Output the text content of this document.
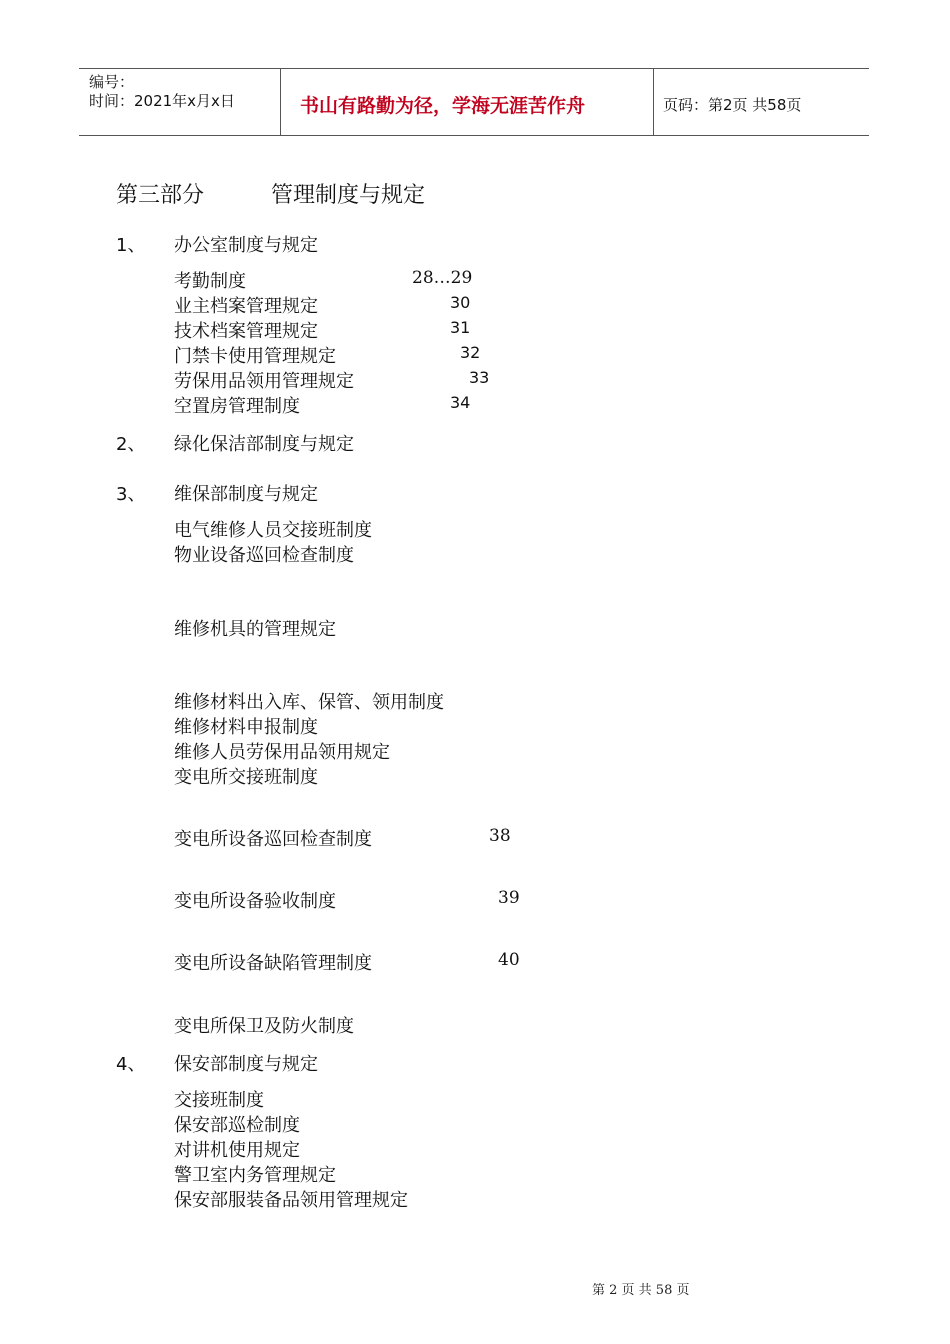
编号：
时间：2021年x月x日	书山有路勤为径，学海无涯苦作舟	页码：第2页 共58页
第三部分	管理制度与规定
1、 办公室制度与规定
考勤制度	28…29
业主档案管理规定	30
技术档案管理规定	31
门禁卡使用管理规定	32
劳保用品领用管理规定	33
空置房管理制度	34
2、 绿化保洁部制度与规定
3、 维保部制度与规定
电气维修人员交接班制度
物业设备巡回检查制度
维修机具的管理规定
维修材料出入库、保管、领用制度
维修材料申报制度
维修人员劳保用品领用规定
变电所交接班制度
变电所设备巡回检查制度	38
变电所设备验收制度	39
变电所设备缺陷管理制度	40
变电所保卫及防火制度
4、 保安部制度与规定
交接班制度
保安部巡检制度
对讲机使用规定
警卫室内务管理规定
保安部服装备品领用管理规定
第 2 页 共 58 页
